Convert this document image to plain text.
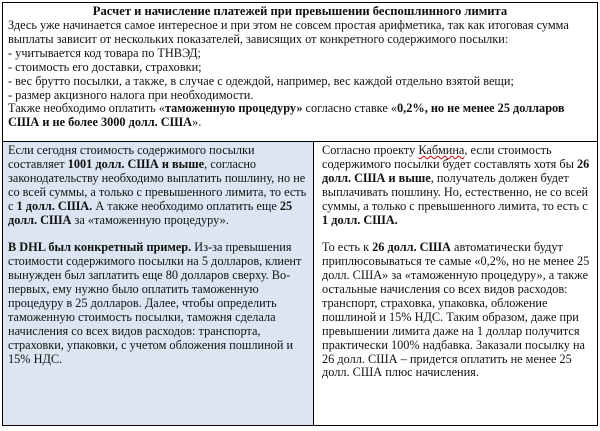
Расчет и начисление платежей при превышении беспошлинного лимита

Здесь уже начинается самое интересное и при этом не совсем простая арифметика, так как итоговая сумма выплаты зависит от нескольких показателей, зависящих от конкретного содержимого посылки:

- учитывается код товара по ТНВЭД;

- стоимость его доставки, страховки;

- вес брутто посылки, а также, в случае с одеждой, например, вес каждой отдельно взятой вещи;

- размер акцизного налога при необходимости.

Также необходимо оплатить «таможенную процедуру» согласно ставке «0,2%, но не менее 25 долларов США и не более 3000 долл. США».

Если сегодня стоимость содержимого посылки составляет 1001 долл. США и выше, согласно законодательству необходимо выплатить пошлину, но не со всей суммы, а только с превышенного лимита, то есть с 1 долл. США. А также необходимо оплатить еще 25 долл. США за «таможенную процедуру».

В DHL был конкретный пример. Из-за превышения стоимости содержимого посылки на 5 долларов, клиент вынужден был заплатить еще 80 долларов сверху. Во-первых, ему нужно было оплатить таможенную процедуру в 25 долларов. Далее, чтобы определить таможенную стоимость посылки, таможня сделала начисления со всех видов расходов: транспорта, страховки, упаковки, с учетом обложения пошлиной и 15% НДС.

Согласно проекту Кабмина, если стоимость содержимого посылки будет составлять хотя бы 26 долл. США и выше, получатель должен будет выплачивать пошлину. Но, естественно, не со всей суммы, а только с превышенного лимита, то есть с 1 долл. США.

То есть к 26 долл. США автоматически будут приплюсовываться те самые «0,2%, но не менее 25 долл. США» за «таможенную процедуру», а также остальные начисления со всех видов расходов: транспорт, страховка, упаковка, обложение пошлиной и 15% НДС. Таким образом, даже при превышении лимита даже на 1 доллар получится практически 100% надбавка. Заказали посылку на 26 долл. США – придется оплатить не менее 25 долл. США плюс начисления.
